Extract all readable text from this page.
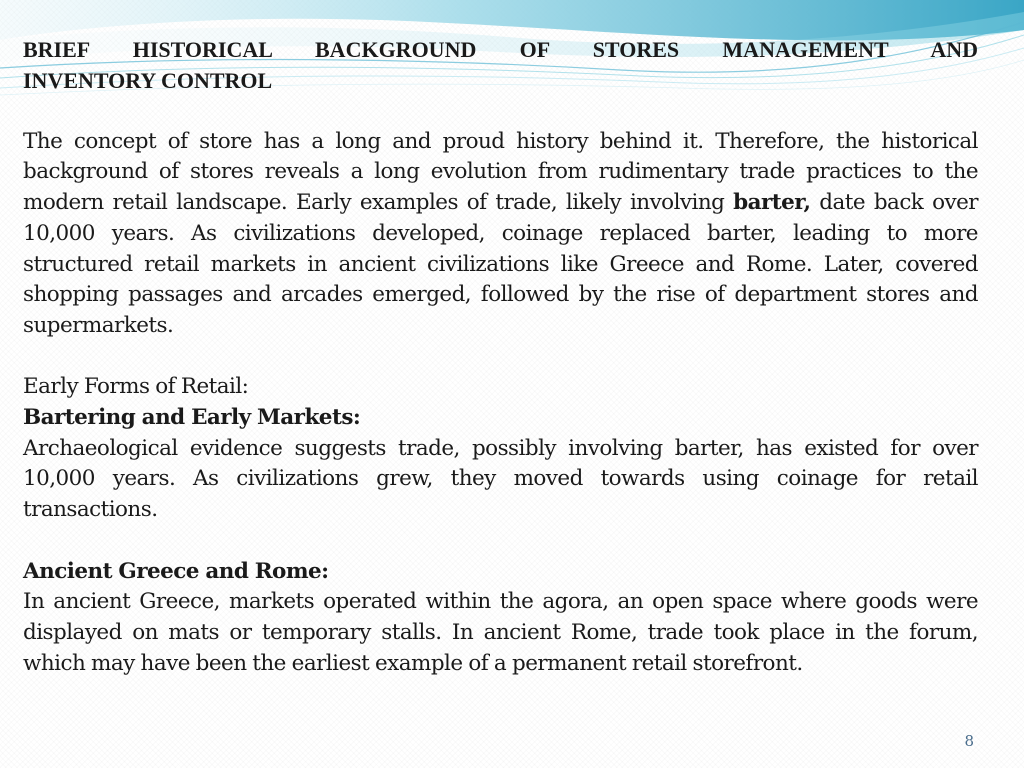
BRIEF HISTORICAL BACKGROUND OF STORES MANAGEMENT AND
INVENTORY CONTROL

The concept of store has a long and proud history behind it. Therefore, the historical background of stores reveals a long evolution from rudimentary trade practices to the modern retail landscape. Early examples of trade, likely involving barter, date back over 10,000 years. As civilizations developed, coinage replaced barter, leading to more structured retail markets in ancient civilizations like Greece and Rome. Later, covered shopping passages and arcades emerged, followed by the rise of department stores and supermarkets.

Early Forms of Retail:

Bartering and Early Markets:

Archaeological evidence suggests trade, possibly involving barter, has existed for over 10,000 years. As civilizations grew, they moved towards using coinage for retail transactions.

Ancient Greece and Rome:

In ancient Greece, markets operated within the agora, an open space where goods were displayed on mats or temporary stalls. In ancient Rome, trade took place in the forum, which may have been the earliest example of a permanent retail storefront.

8
